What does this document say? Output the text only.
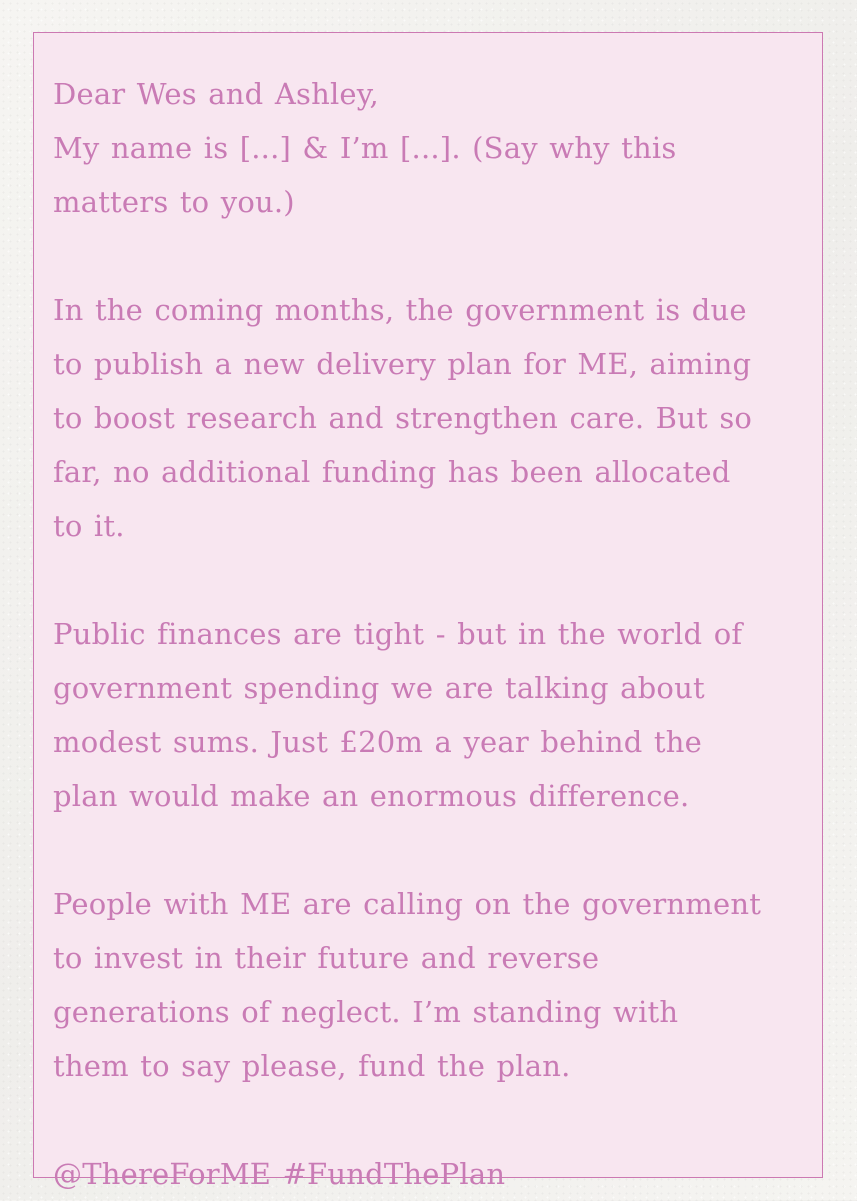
Dear Wes and Ashley,
My name is [...] & I’m [...]. (Say why this
matters to you.)
In the coming months, the government is due
to publish a new delivery plan for ME, aiming
to boost research and strengthen care. But so
far, no additional funding has been allocated
to it.
Public finances are tight - but in the world of
government spending we are talking about
modest sums. Just £20m a year behind the
plan would make an enormous difference.
People with ME are calling on the government
to invest in their future and reverse
generations of neglect. I’m standing with
them to say please, fund the plan.
@ThereForME #FundThePlan
